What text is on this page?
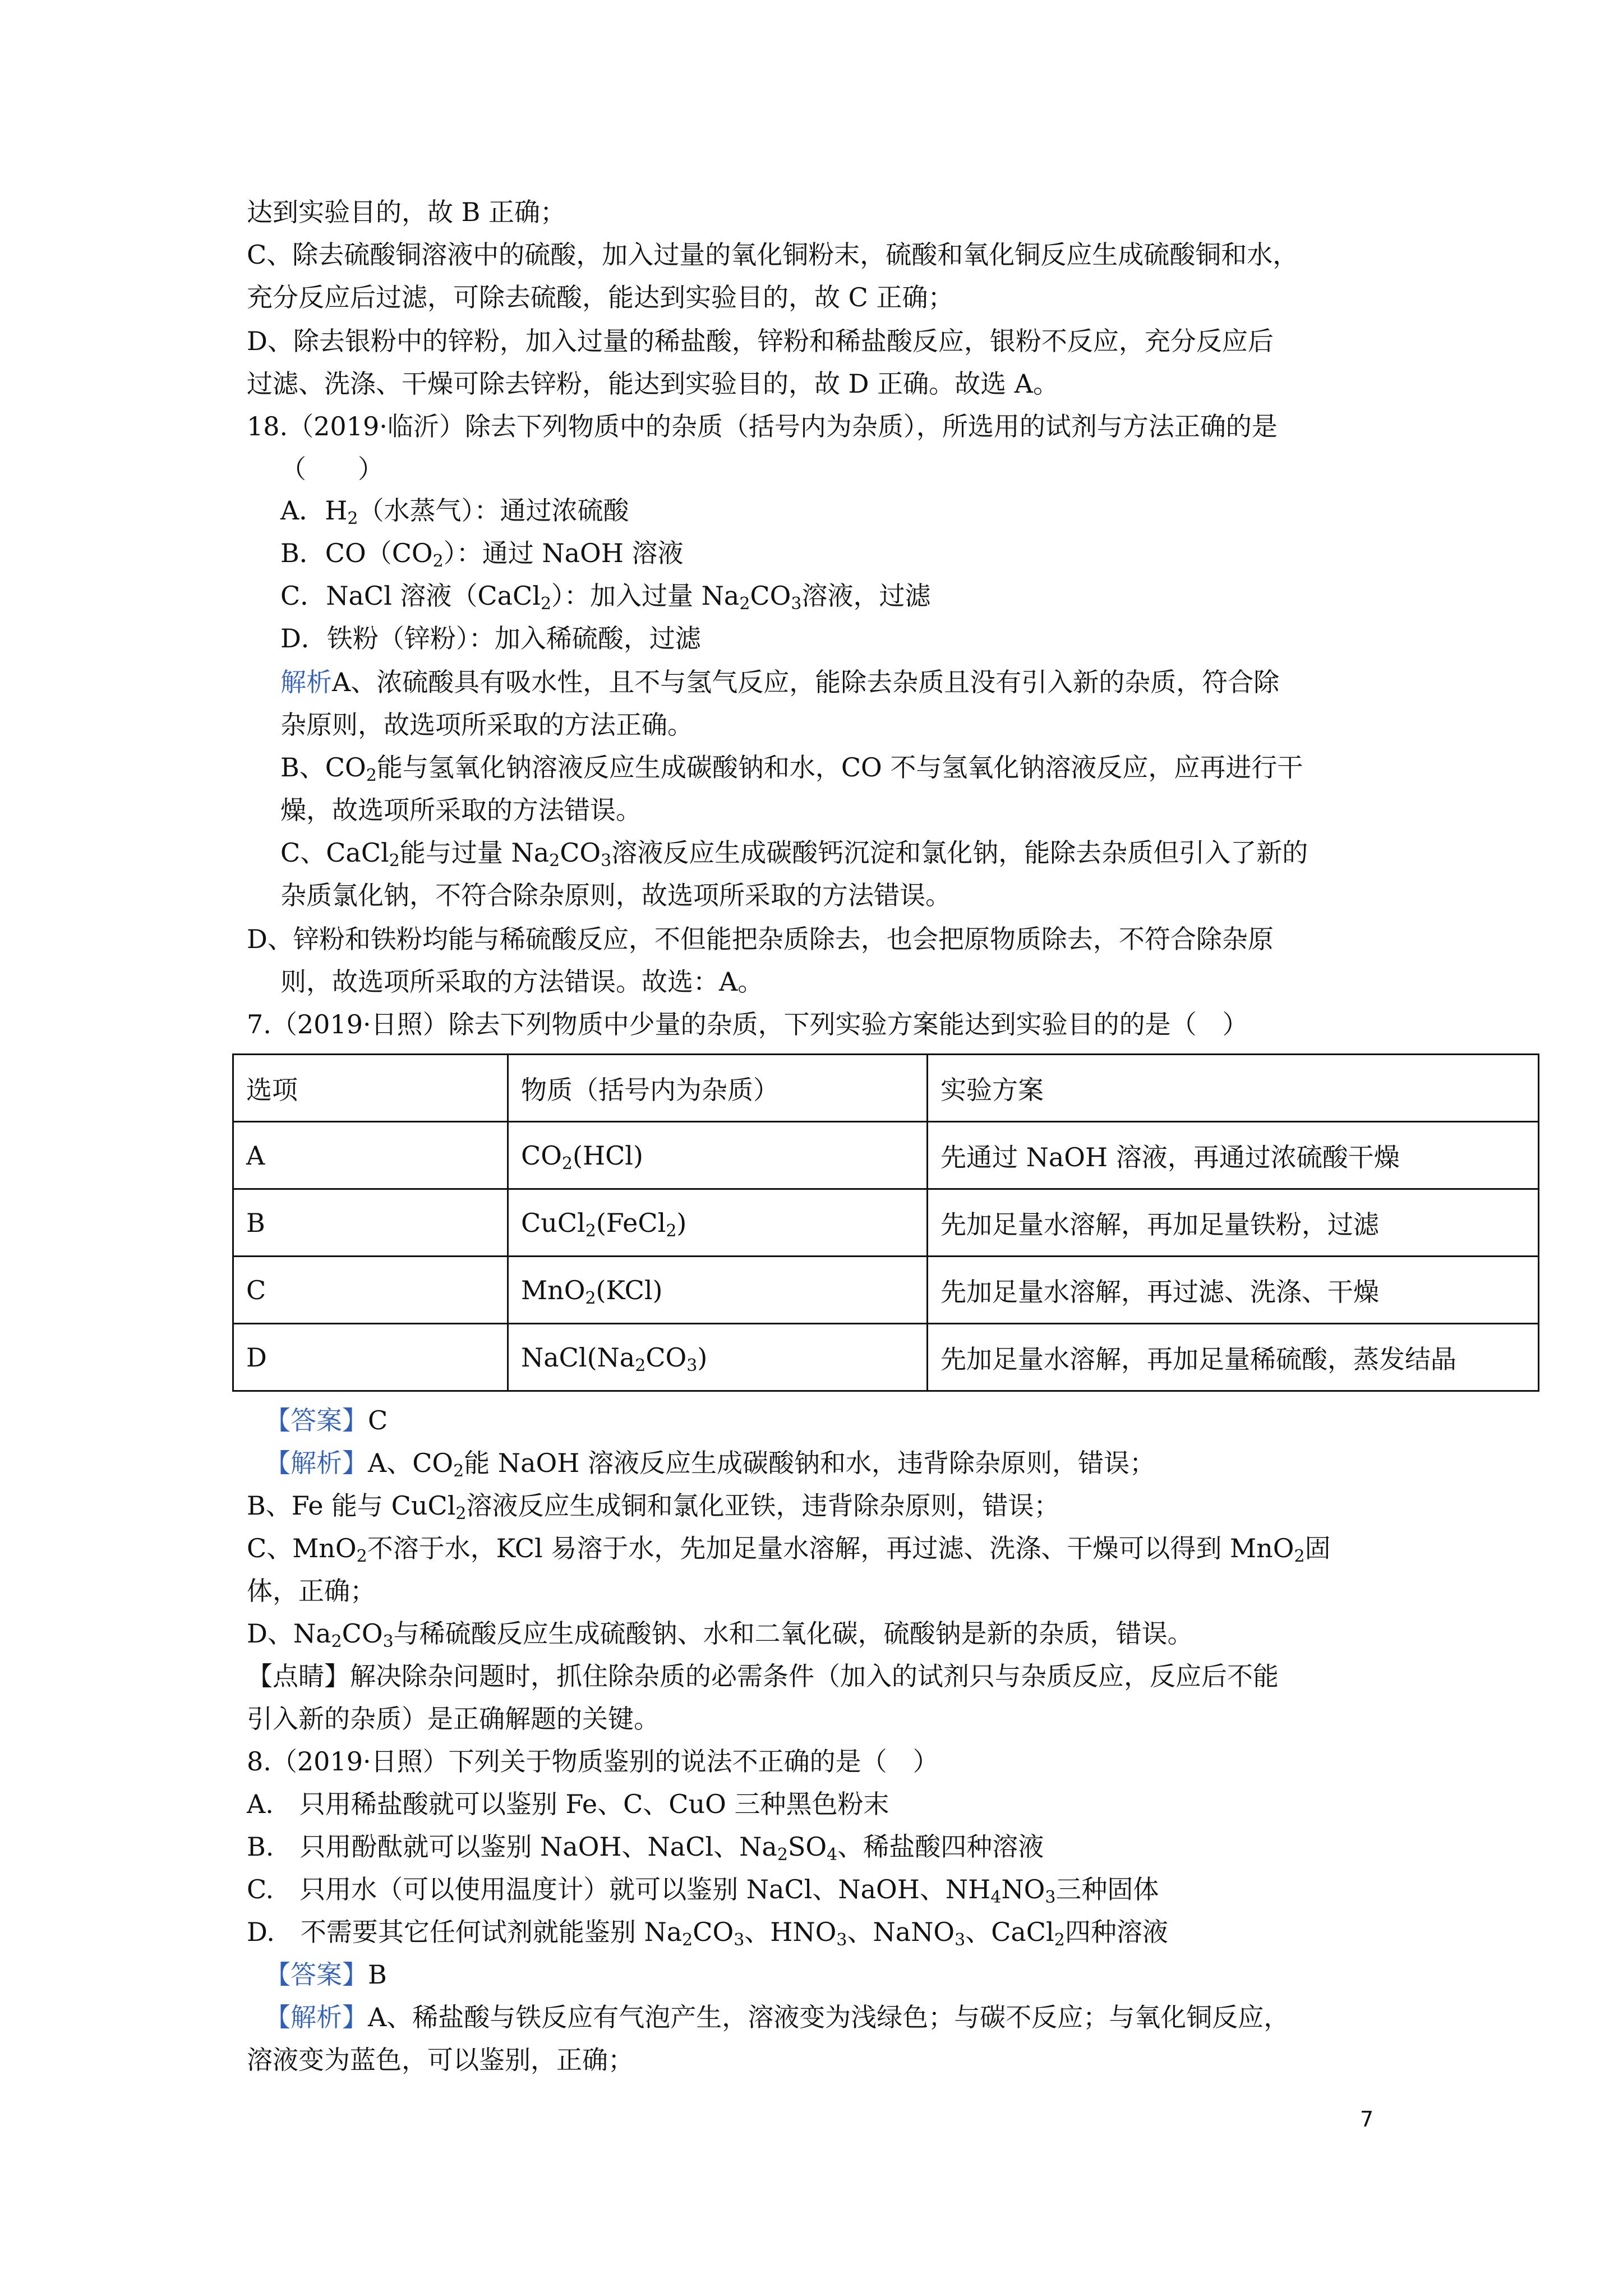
达到实验目的，故 B 正确；
C、除去硫酸铜溶液中的硫酸，加入过量的氧化铜粉末，硫酸和氧化铜反应生成硫酸铜和水，
充分反应后过滤，可除去硫酸，能达到实验目的，故 C 正确；
D、除去银粉中的锌粉，加入过量的稀盐酸，锌粉和稀盐酸反应，银粉不反应，充分反应后
过滤、洗涤、干燥可除去锌粉，能达到实验目的，故 D 正确。故选 A。
18.（2019·临沂）除去下列物质中的杂质（括号内为杂质），所选用的试剂与方法正确的是
（　　）
A．$H_2$（水蒸气）：通过浓硫酸
B．$CO(CO_2)$：通过 NaOH 溶液
C．NaCl 溶液（CaCl$_2$）：加入过量 $Na_2CO_3$溶液，过滤
D．铁粉（锌粉）：加入稀硫酸，过滤
解析A、浓硫酸具有吸水性，且不与氢气反应，能除去杂质且没有引入新的杂质，符合除
杂原则，故选项所采取的方法正确。
B、$CO_2$能与氢氧化钠溶液反应生成碳酸钠和水，CO 不与氢氧化钠溶液反应，应再进行干
燥，故选项所采取的方法错误。
C、CaCl$_2$能与过量 $Na_2CO_3$溶液反应生成碳酸钙沉淀和氯化钠，能除去杂质但引入了新的
杂质氯化钠，不符合除杂原则，故选项所采取的方法错误。
D、锌粉和铁粉均能与稀硫酸反应，不但能把杂质除去，也会把原物质除去，不符合除杂原
则，故选项所采取的方法错误。故选：A。
7.（2019·日照）除去下列物质中少量的杂质，下列实验方案能达到实验目的的是（　）
选项	物质（括号内为杂质）	实验方案
A	$CO_2(HCl)$	先通过 NaOH 溶液，再通过浓硫酸干燥
B	CuCl$_2$(FeCl$_2$)	先加足量水溶解，再加足量铁粉，过滤
C	MnO$_2$(KCl)	先加足量水溶解，再过滤、洗涤、干燥
D	$NaCl(Na_2CO_3)$	先加足量水溶解，再加足量稀硫酸，蒸发结晶
【答案】C
【解析】A、$CO_2$能 NaOH 溶液反应生成碳酸钠和水，违背除杂原则，错误；
B、Fe 能与 CuCl$_2$溶液反应生成铜和氯化亚铁，违背除杂原则，错误；
C、MnO$_2$不溶于水，KCl 易溶于水，先加足量水溶解，再过滤、洗涤、干燥可以得到 MnO$_2$固
体，正确；
D、$Na_2CO_3$与稀硫酸反应生成硫酸钠、水和二氧化碳，硫酸钠是新的杂质，错误。
【点睛】解决除杂问题时，抓住除杂质的必需条件（加入的试剂只与杂质反应，反应后不能
引入新的杂质）是正确解题的关键。
8.（2019·日照）下列关于物质鉴别的说法不正确的是（　）
A.　只用稀盐酸就可以鉴别 Fe、C、CuO 三种黑色粉末
B.　只用酚酞就可以鉴别 NaOH、NaCl、$Na_2SO_4$、稀盐酸四种溶液
C.　只用水（可以使用温度计）就可以鉴别 NaCl、NaOH、$NH_4NO_3$三种固体
D.　不需要其它任何试剂就能鉴别 $Na_2CO_3$、$HNO_3$、NaNO$_3$、CaCl$_2$四种溶液
【答案】B
【解析】A、稀盐酸与铁反应有气泡产生，溶液变为浅绿色；与碳不反应；与氧化铜反应，
溶液变为蓝色，可以鉴别，正确；
7
